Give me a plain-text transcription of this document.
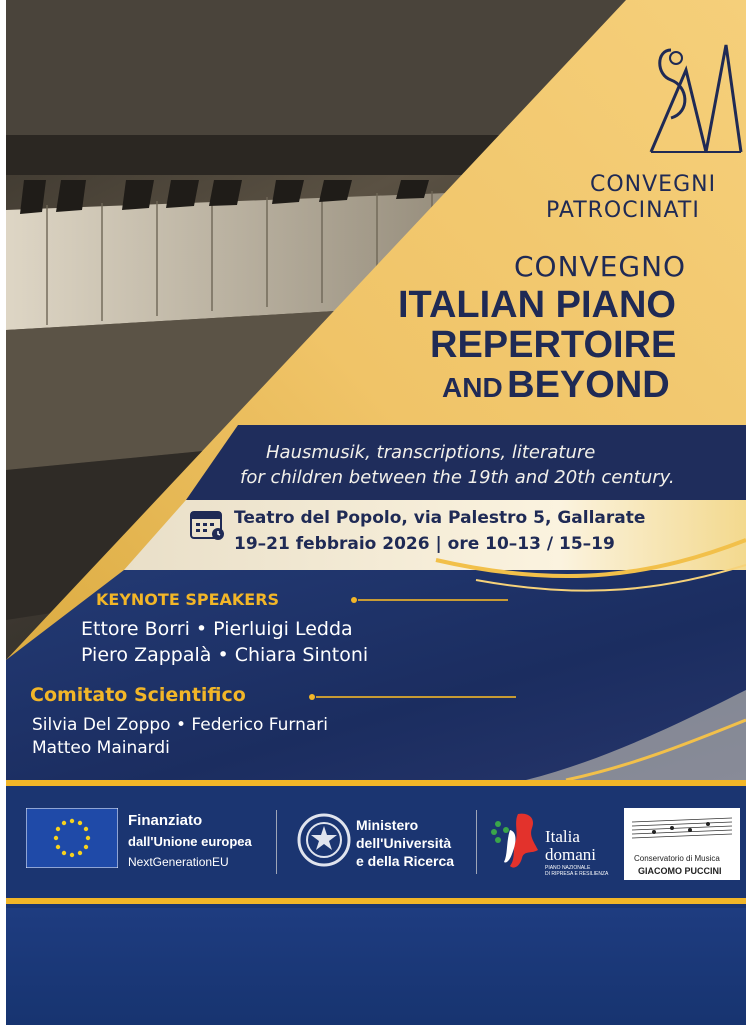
CONVEGNI
PATROCINATI
CONVEGNO
ITALIAN PIANO
REPERTOIRE
AND BEYOND
Hausmusik, transcriptions, literature
for children between the 19th and 20th century.
Teatro del Popolo, via Palestro 5, Gallarate
19–21 febbraio 2026 | ore 10–13 / 15–19
KEYNOTE SPEAKERS
Ettore Borri • Pierluigi Ledda
Piero Zappalà • Chiara Sintoni
Comitato Scientifico
Silvia Del Zoppo • Federico Furnari
Matteo Mainardi
Finanziato
dall'Unione europea
NextGenerationEU
Ministero
dell'Università
e della Ricerca
Italia
domani
PIANO NAZIONALE
DI RIPRESA E RESILIENZA
Conservatorio di Musica
GIACOMO PUCCINI
